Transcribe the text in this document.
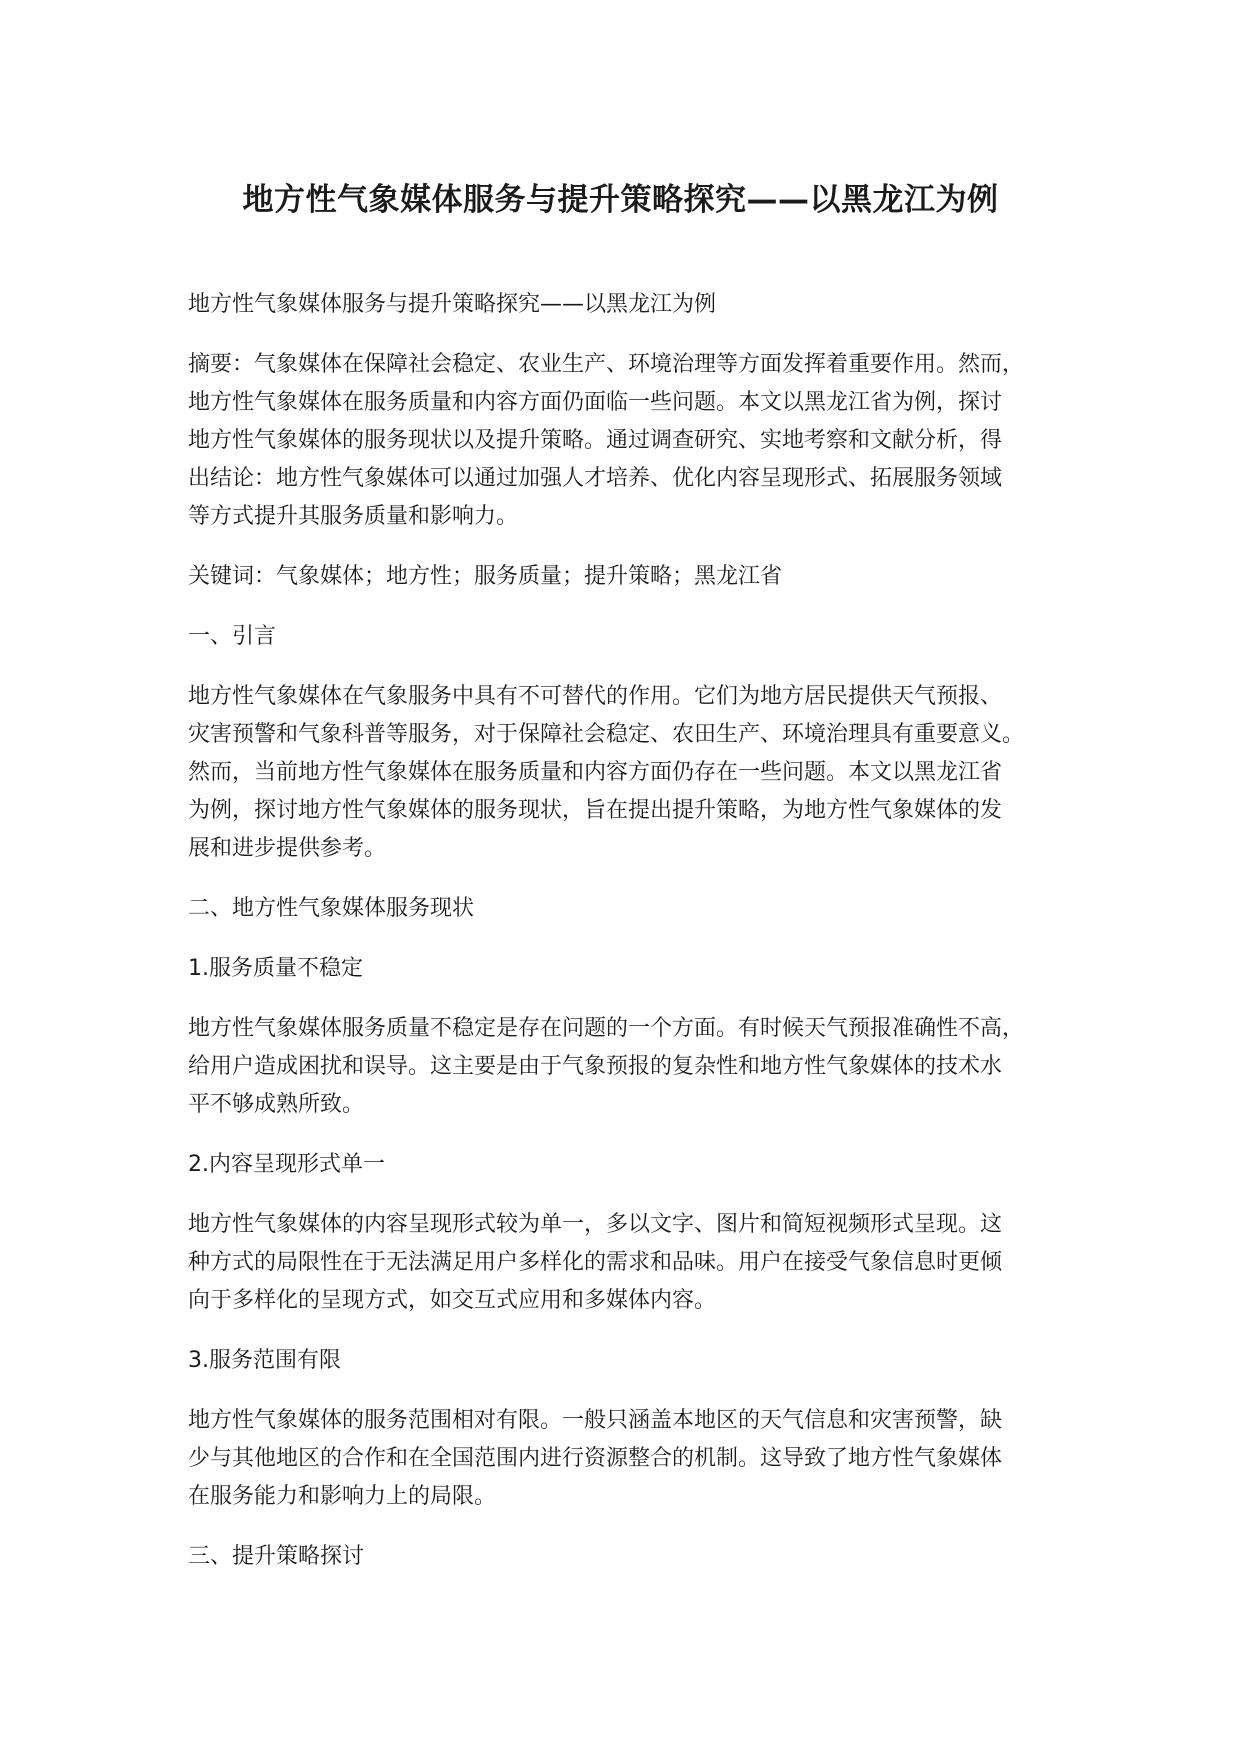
地方性气象媒体服务与提升策略探究——以黑龙江为例

地方性气象媒体服务与提升策略探究——以黑龙江为例

摘要：气象媒体在保障社会稳定、农业生产、环境治理等方面发挥着重要作用。然而，
地方性气象媒体在服务质量和内容方面仍面临一些问题。本文以黑龙江省为例，探讨
地方性气象媒体的服务现状以及提升策略。通过调查研究、实地考察和文献分析，得
出结论：地方性气象媒体可以通过加强人才培养、优化内容呈现形式、拓展服务领域
等方式提升其服务质量和影响力。

关键词：气象媒体；地方性；服务质量；提升策略；黑龙江省

一、引言

地方性气象媒体在气象服务中具有不可替代的作用。它们为地方居民提供天气预报、
灾害预警和气象科普等服务，对于保障社会稳定、农田生产、环境治理具有重要意义。
然而，当前地方性气象媒体在服务质量和内容方面仍存在一些问题。本文以黑龙江省
为例，探讨地方性气象媒体的服务现状，旨在提出提升策略，为地方性气象媒体的发
展和进步提供参考。

二、地方性气象媒体服务现状

1.服务质量不稳定

地方性气象媒体服务质量不稳定是存在问题的一个方面。有时候天气预报准确性不高，
给用户造成困扰和误导。这主要是由于气象预报的复杂性和地方性气象媒体的技术水
平不够成熟所致。

2.内容呈现形式单一

地方性气象媒体的内容呈现形式较为单一，多以文字、图片和简短视频形式呈现。这
种方式的局限性在于无法满足用户多样化的需求和品味。用户在接受气象信息时更倾
向于多样化的呈现方式，如交互式应用和多媒体内容。

3.服务范围有限

地方性气象媒体的服务范围相对有限。一般只涵盖本地区的天气信息和灾害预警，缺
少与其他地区的合作和在全国范围内进行资源整合的机制。这导致了地方性气象媒体
在服务能力和影响力上的局限。

三、提升策略探讨
